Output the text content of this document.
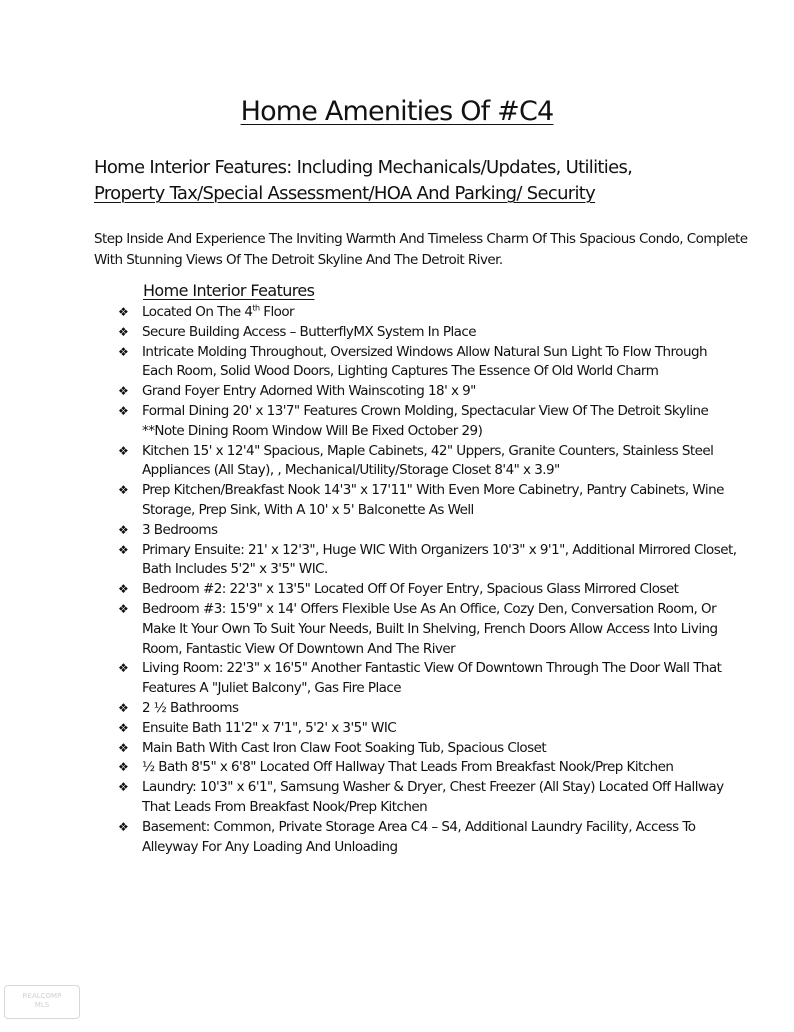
Home Amenities Of #C4
Home Interior Features: Including Mechanicals/Updates, Utilities,
Property Tax/Special Assessment/HOA And Parking/ Security
Step Inside And Experience The Inviting Warmth And Timeless Charm Of This Spacious Condo, Complete With Stunning Views Of The Detroit Skyline And The Detroit River.
Home Interior Features
❖ Located On The 4th Floor
❖ Secure Building Access – ButterflyMX System In Place
❖ Intricate Molding Throughout, Oversized Windows Allow Natural Sun Light To Flow Through Each Room, Solid Wood Doors, Lighting Captures The Essence Of Old World Charm
❖ Grand Foyer Entry Adorned With Wainscoting 18' x 9"
❖ Formal Dining 20' x 13'7" Features Crown Molding, Spectacular View Of The Detroit Skyline **Note Dining Room Window Will Be Fixed October 29)
❖ Kitchen 15' x 12'4" Spacious, Maple Cabinets, 42" Uppers, Granite Counters, Stainless Steel Appliances (All Stay), , Mechanical/Utility/Storage Closet 8'4" x 3.9"
❖ Prep Kitchen/Breakfast Nook 14'3" x 17'11" With Even More Cabinetry, Pantry Cabinets, Wine Storage, Prep Sink, With A 10' x 5' Balconette As Well
❖ 3 Bedrooms
❖ Primary Ensuite: 21' x 12'3", Huge WIC With Organizers 10'3" x 9'1", Additional Mirrored Closet, Bath Includes 5'2" x 3'5" WIC.
❖ Bedroom #2: 22'3" x 13'5" Located Off Of Foyer Entry, Spacious Glass Mirrored Closet
❖ Bedroom #3: 15'9" x 14' Offers Flexible Use As An Office, Cozy Den, Conversation Room, Or Make It Your Own To Suit Your Needs, Built In Shelving, French Doors Allow Access Into Living Room, Fantastic View Of Downtown And The River
❖ Living Room: 22'3" x 16'5" Another Fantastic View Of Downtown Through The Door Wall That Features A "Juliet Balcony", Gas Fire Place
❖ 2 ½ Bathrooms
❖ Ensuite Bath 11'2" x 7'1", 5'2' x 3'5" WIC
❖ Main Bath With Cast Iron Claw Foot Soaking Tub, Spacious Closet
❖ ½ Bath 8'5" x 6'8" Located Off Hallway That Leads From Breakfast Nook/Prep Kitchen
❖ Laundry: 10'3" x 6'1", Samsung Washer & Dryer, Chest Freezer (All Stay) Located Off Hallway That Leads From Breakfast Nook/Prep Kitchen
❖ Basement: Common, Private Storage Area C4 – S4, Additional Laundry Facility, Access To Alleyway For Any Loading And Unloading
REALCOMP
MLS
